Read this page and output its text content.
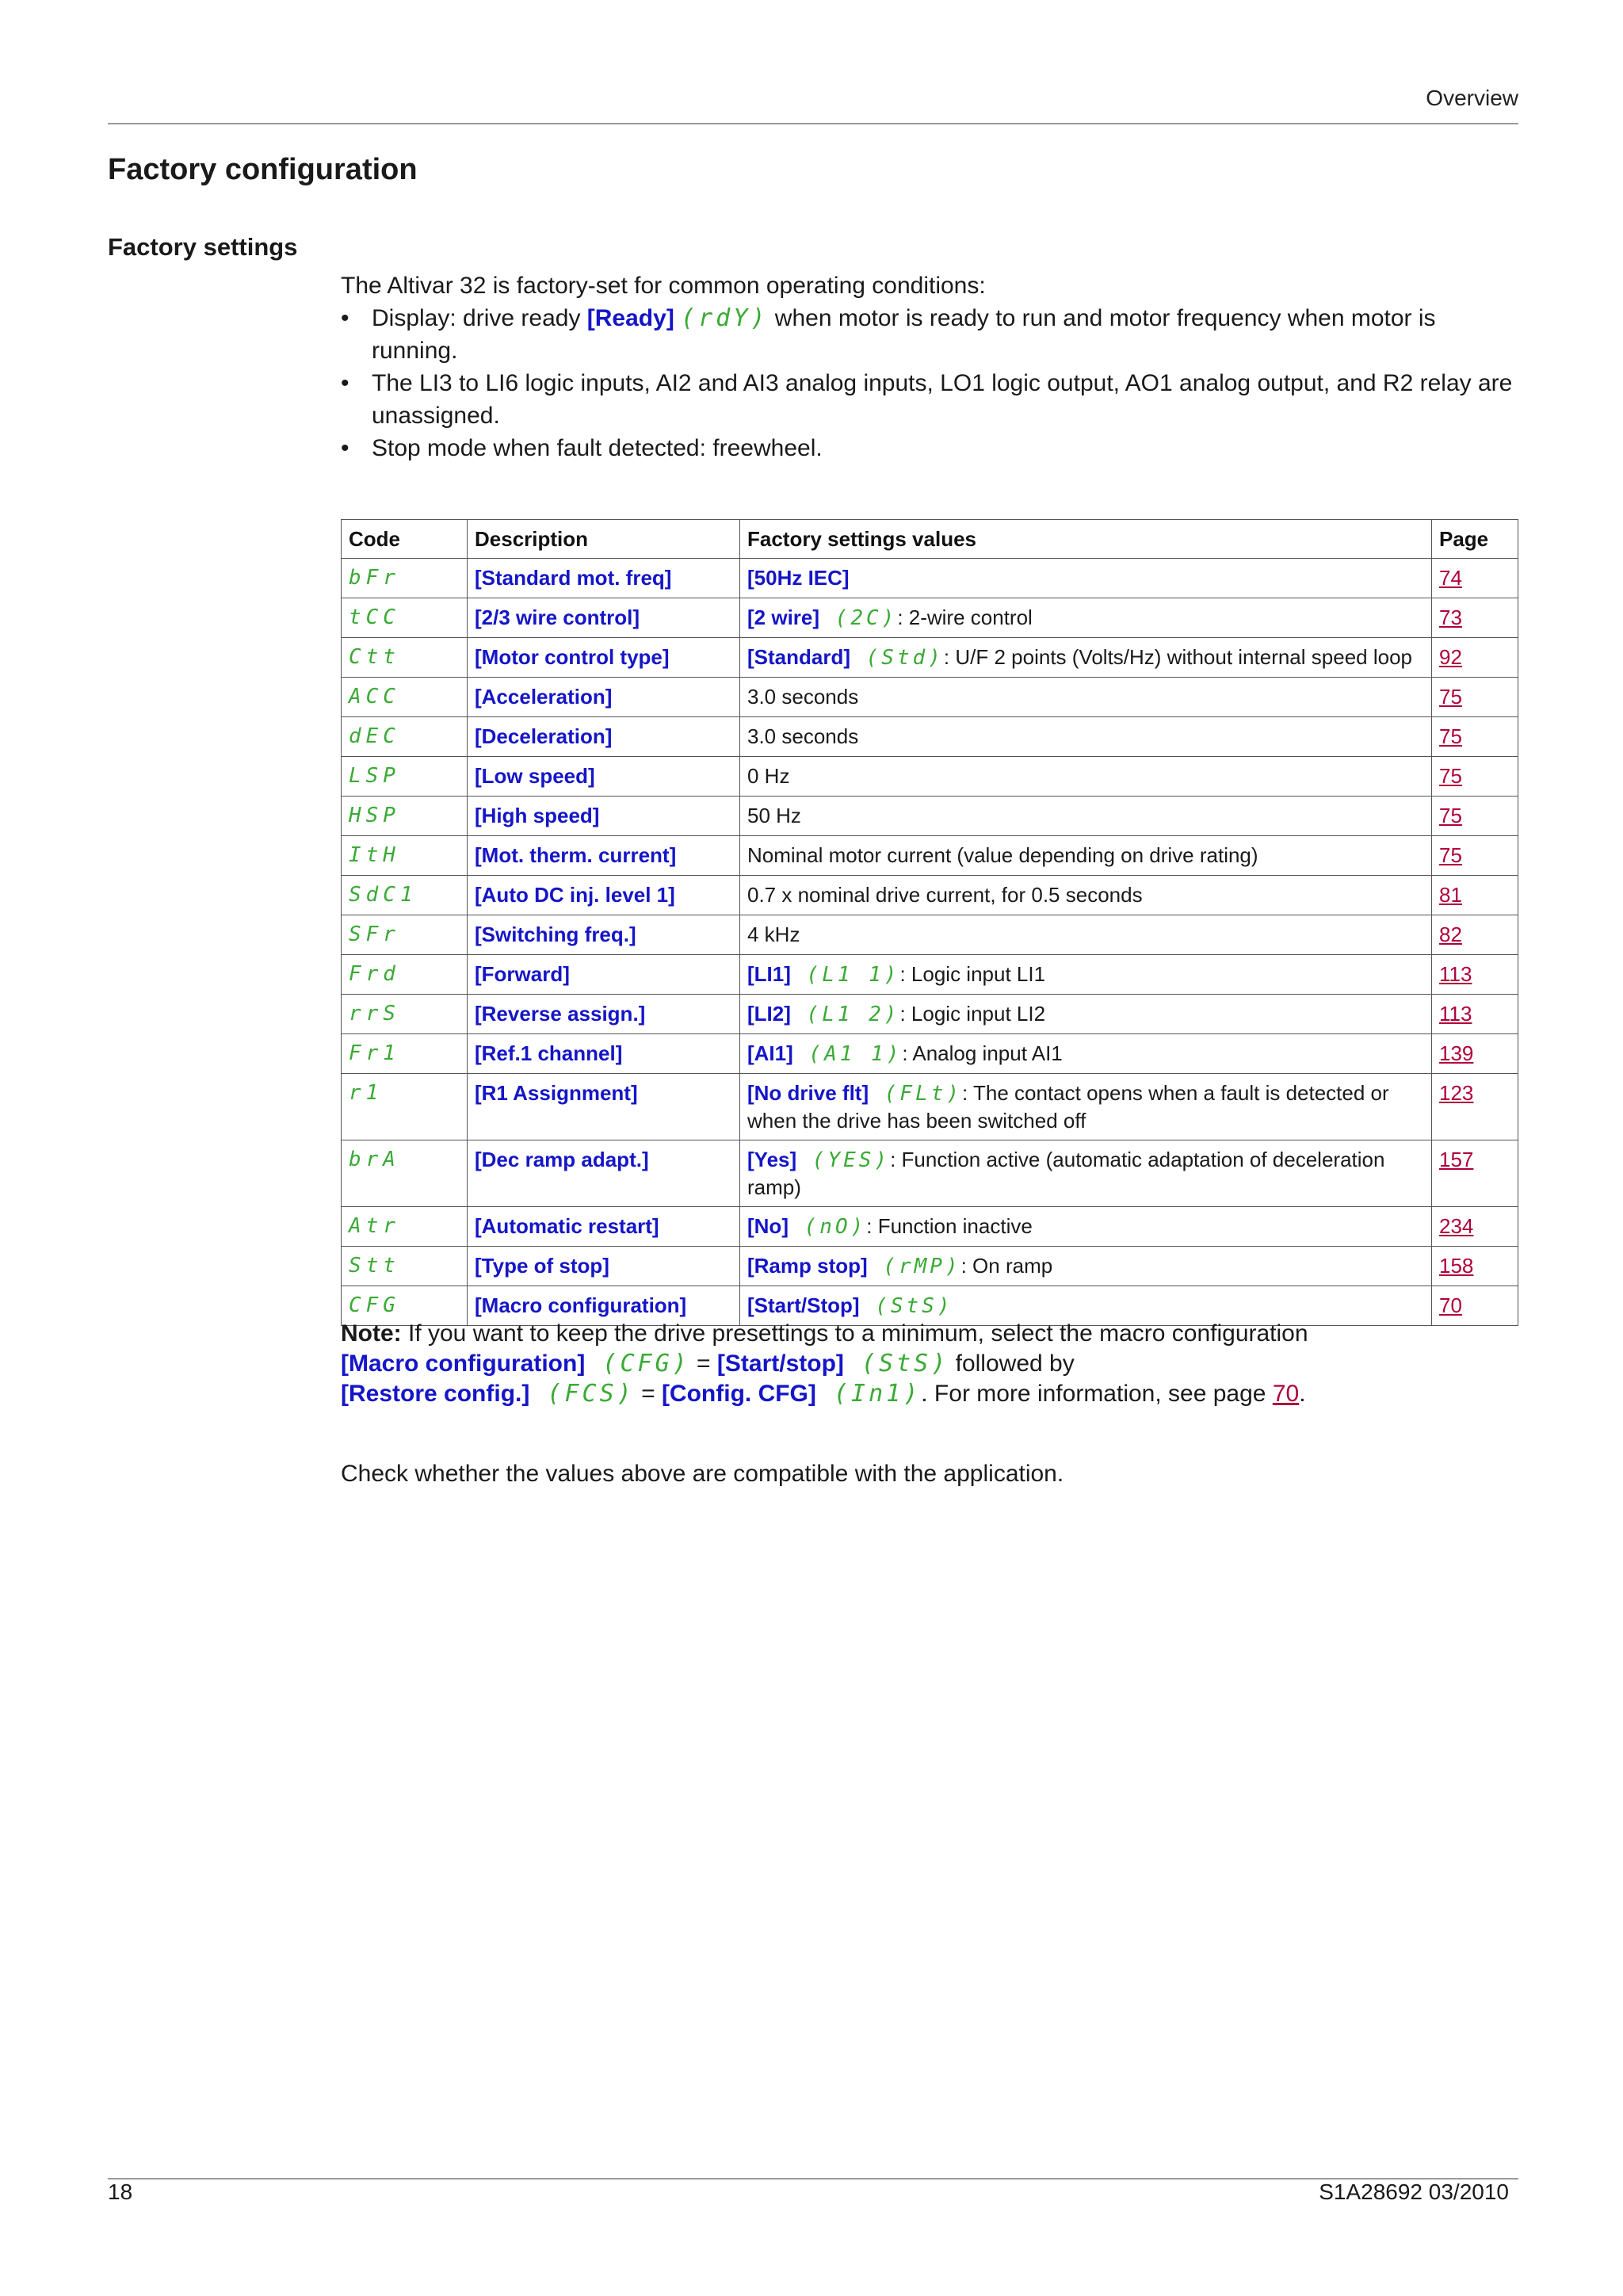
Overview
Factory configuration
Factory settings

The Altivar 32 is factory-set for common operating conditions:

• Display: drive ready [Ready] (rdY) when motor is ready to run and motor frequency when motor is running.
• The LI3 to LI6 logic inputs, AI2 and AI3 analog inputs, LO1 logic output, AO1 analog output, and R2 relay are unassigned.
• Stop mode when fault detected: freewheel.
Code	Description	Factory settings values	Page
bFr	[Standard mot. freq]	[50Hz IEC]	74
tCC	[2/3 wire control]	[2 wire] (2C): 2-wire control	73
Ctt	[Motor control type]	[Standard] (Std): U/F 2 points (Volts/Hz) without internal speed loop	92
ACC	[Acceleration]	3.0 seconds	75
dEC	[Deceleration]	3.0 seconds	75
LSP	[Low speed]	0 Hz	75
HSP	[High speed]	50 Hz	75
ItH	[Mot. therm. current]	Nominal motor current (value depending on drive rating)	75
SdC1	[Auto DC inj. level 1]	0.7 x nominal drive current, for 0.5 seconds	81
SFr	[Switching freq.]	4 kHz	82
Frd	[Forward]	[LI1] (L1 1): Logic input LI1	113
rrS	[Reverse assign.]	[LI2] (L1 2): Logic input LI2	113
Fr1	[Ref.1 channel]	[AI1] (A1 1): Analog input AI1	139
r1	[R1 Assignment]	[No drive flt] (FLt): The contact opens when a fault is detected or when the drive has been switched off	123
brA	[Dec ramp adapt.]	[Yes] (YES): Function active (automatic adaptation of deceleration ramp)	157
Atr	[Automatic restart]	[No] (nO): Function inactive	234
Stt	[Type of stop]	[Ramp stop] (rMP): On ramp	158
CFG	[Macro configuration]	[Start/Stop] (StS)	70

Note: If you want to keep the drive presettings to a minimum, select the macro configuration

[Macro configuration] (CFG) = [Start/stop] (StS) followed by

[Restore config.] (FCS) = [Config. CFG] (In1). For more information, see page 70.

Check whether the values above are compatible with the application.
18	S1A28692 03/2010
